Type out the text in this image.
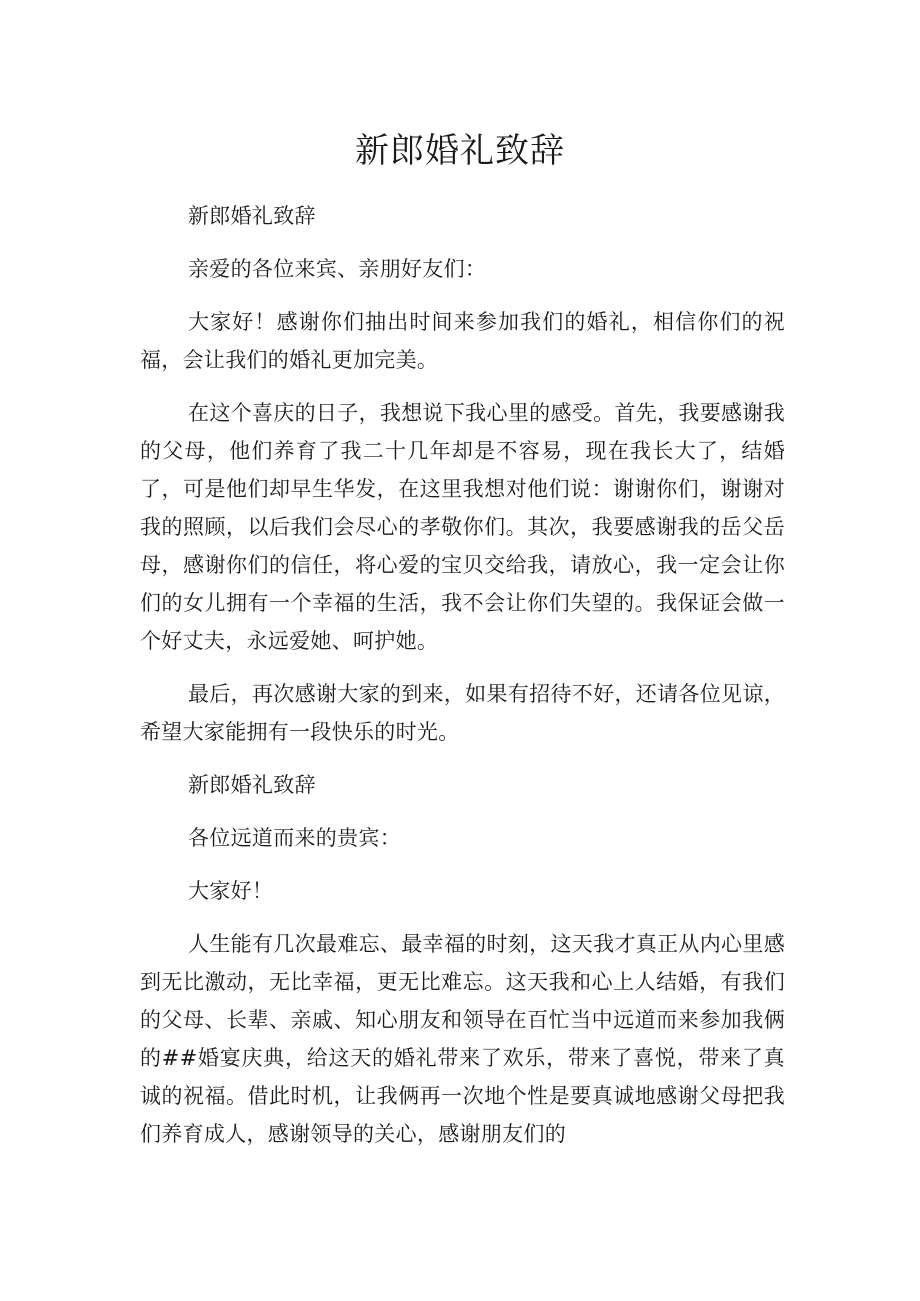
新郎婚礼致辞

新郎婚礼致辞

亲爱的各位来宾、亲朋好友们：

大家好！感谢你们抽出时间来参加我们的婚礼，相信你们的祝福，会让我们的婚礼更加完美。

在这个喜庆的日子，我想说下我心里的感受。首先，我要感谢我的父母，他们养育了我二十几年却是不容易，现在我长大了，结婚了，可是他们却早生华发，在这里我想对他们说：谢谢你们，谢谢对我的照顾，以后我们会尽心的孝敬你们。其次，我要感谢我的岳父岳母，感谢你们的信任，将心爱的宝贝交给我，请放心，我一定会让你们的女儿拥有一个幸福的生活，我不会让你们失望的。我保证会做一个好丈夫，永远爱她、呵护她。

最后，再次感谢大家的到来，如果有招待不好，还请各位见谅，希望大家能拥有一段快乐的时光。

新郎婚礼致辞

各位远道而来的贵宾：

大家好！

人生能有几次最难忘、最幸福的时刻，这天我才真正从内心里感到无比激动，无比幸福，更无比难忘。这天我和心上人结婚，有我们的父母、长辈、亲戚、知心朋友和领导在百忙当中远道而来参加我俩的##婚宴庆典，给这天的婚礼带来了欢乐，带来了喜悦，带来了真诚的祝福。借此时机，让我俩再一次地个性是要真诚地感谢父母把我们养育成人，感谢领导的关心，感谢朋友们的
